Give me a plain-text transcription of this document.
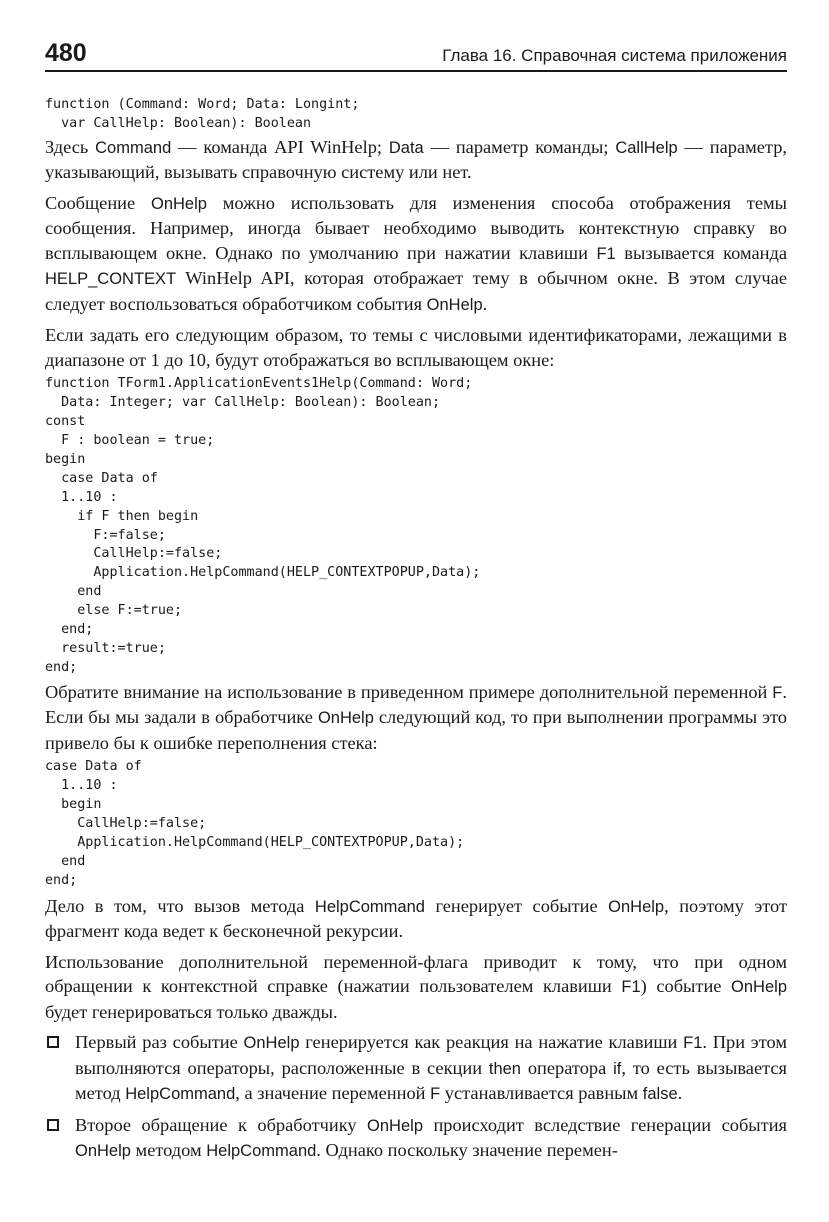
480	Глава 16. Справочная система приложения
function (Command: Word; Data: Longint;
var CallHelp: Boolean): Boolean

Здесь Command — команда API WinHelp; Data — параметр команды; CallHelp — параметр, указывающий, вызывать справочную систему или нет.

Сообщение OnHelp можно использовать для изменения способа отображения темы сообщения. Например, иногда бывает необходимо выводить контекстную справку во всплывающем окне. Однако по умолчанию при нажатии клавиши F1 вызывается команда HELP_CONTEXT WinHelp API, которая отображает тему в обычном окне. В этом случае следует воспользоваться обработчиком события OnHelp.

Если задать его следующим образом, то темы с числовыми идентификаторами, лежащими в диапазоне от 1 до 10, будут отображаться во всплывающем окне:

function TForm1.ApplicationEvents1Help(Command: Word;
Data: Integer; var CallHelp: Boolean): Boolean;
const
F : boolean = true;
begin
case Data of
1..10 :
if F then begin
F:=false;
CallHelp:=false;
Application.HelpCommand(HELP_CONTEXTPOPUP,Data);
end
else F:=true;
end;
result:=true;
end;

Обратите внимание на использование в приведенном примере дополнительной переменной F. Если бы мы задали в обработчике OnHelp следующий код, то при выполнении программы это привело бы к ошибке переполнения стека:

case Data of
1..10 :
begin
CallHelp:=false;
Application.HelpCommand(HELP_CONTEXTPOPUP,Data);
end
end;

Дело в том, что вызов метода HelpCommand генерирует событие OnHelp, поэтому этот фрагмент кода ведет к бесконечной рекурсии.

Использование дополнительной переменной-флага приводит к тому, что при одном обращении к контекстной справке (нажатии пользователем клавиши F1) событие OnHelp будет генерироваться только дважды.

Первый раз событие OnHelp генерируется как реакция на нажатие клавиши F1. При этом выполняются операторы, расположенные в секции then оператора if, то есть вызывается метод HelpCommand, а значение переменной F устанавливается равным false.

Второе обращение к обработчику OnHelp происходит вследствие генерации события OnHelp методом HelpCommand. Однако поскольку значение перемен-
